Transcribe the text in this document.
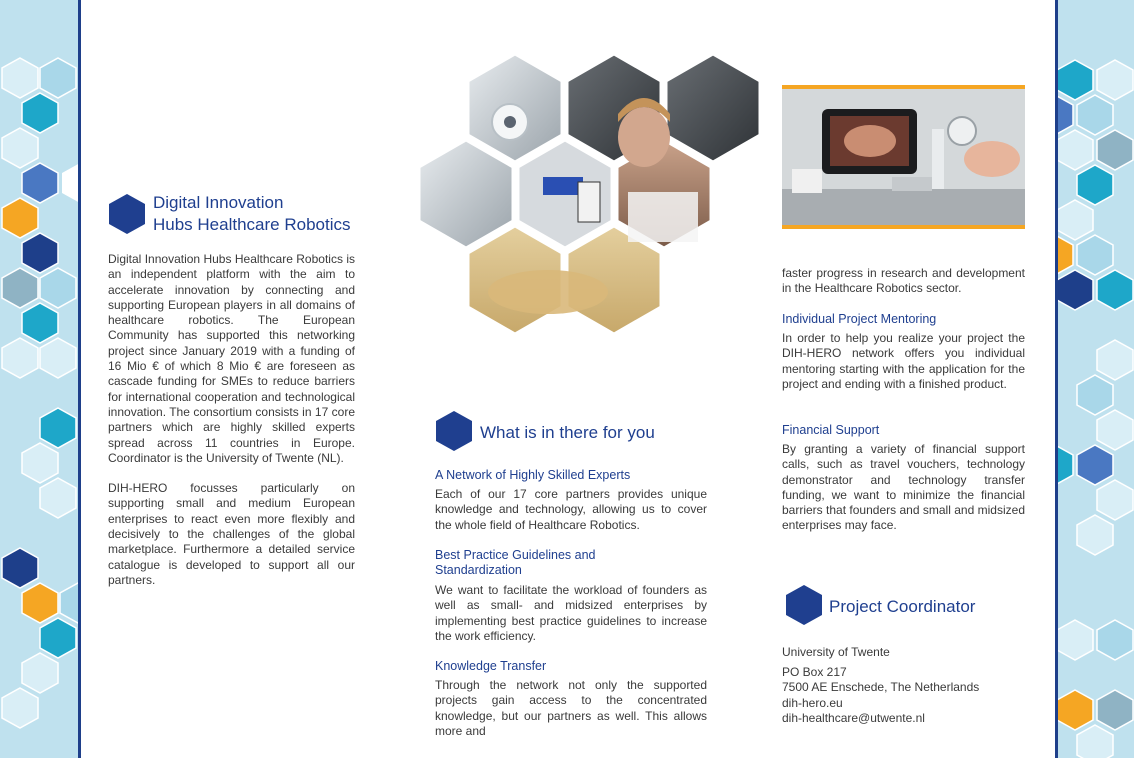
Digital Innovation
Hubs Healthcare Robotics

Digital Innovation Hubs Healthcare Robotics is an independent platform with the aim to accelerate innovation by connecting and supporting European players in all domains of healthcare robotics. The European Community has supported this networking project since January 2019 with a funding of 16 Mio € of which 8 Mio € are foreseen as cascade funding for SMEs to reduce barriers for international cooperation and technological innovation. The consortium consists in 17 core partners which are highly skilled experts spread across 11 countries in Europe. Coordinator is the University of Twente (NL).

DIH-HERO focusses particularly on supporting small and medium European enterprises to react even more flexibly and decisively to the challenges of the global marketplace. Furthermore a detailed service catalogue is developed to support all our partners.

What is in there for you
A Network of Highly Skilled Experts
Each of our 17 core partners provides unique knowledge and technology, allowing us to cover the whole field of Healthcare Robotics.
Best Practice Guidelines and
Standardization
We want to facilitate the workload of founders as well as small- and midsized enterprises by implementing best practice guidelines to increase the work efficiency.
Knowledge Transfer
Through the network not only the supported projects gain access to the concentrated knowledge, but our partners as well. This allows more and
faster progress in research and development in the Healthcare Robotics sector.
Individual Project Mentoring
In order to help you realize your project the DIH-HERO network offers you individual mentoring starting with the application for the project and ending with a finished product.
Financial Support
By granting a variety of financial support calls, such as travel vouchers, technology demonstrator and technology transfer funding, we want to minimize the financial barriers that founders and small and midsized enterprises may face.
Project Coordinator
University of Twente
PO Box 217
7500 AE Enschede, The Netherlands
dih-hero.eu
dih-healthcare@utwente.nl
